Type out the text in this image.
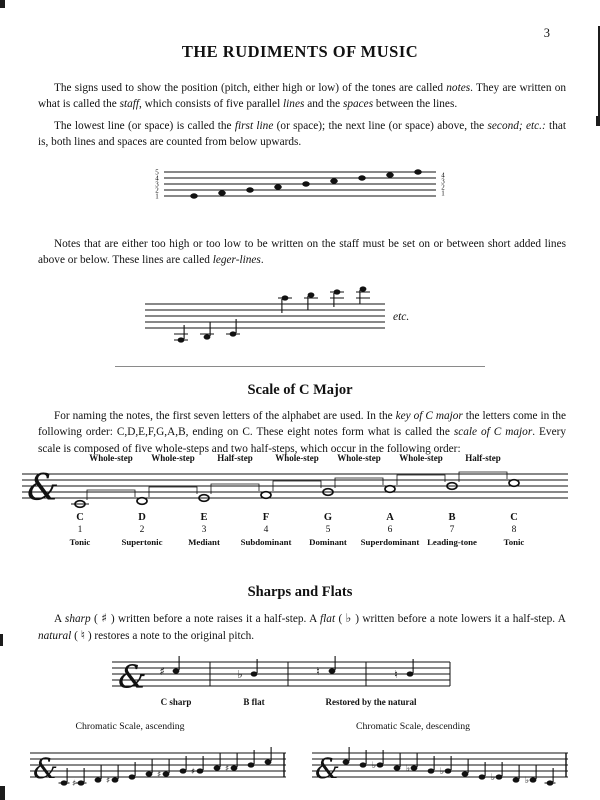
3
THE RUDIMENTS OF MUSIC
The signs used to show the position (pitch, either high or low) of the tones are called notes. They are written on what is called the staff, which consists of five parallel lines and the spaces between the lines.
The lowest line (or space) is called the first line (or space); the next line (or space) above, the second; etc.: that is, both lines and spaces are counted from below upwards.
5
4
3
2
1
4
3
2
1
Notes that are either too high or too low to be written on the staff must be set on or between short added lines above or below. These lines are called leger-lines.
etc.
Scale of C Major
For naming the notes, the first seven letters of the alphabet are used. In the key of C major the letters come in the following order: C,D,E,F,G,A,B, ending on C. These eight notes form what is called the scale of C major. Every scale is composed of five whole-steps and two half-steps, which occur in the following order:
Whole-step Whole-step	Half-step	Whole-step Whole-step Whole-step	Half-step
&
C	D	E	F	G	A	B	C
1	2	3	4	5	6	7	8
Tonic	Supertonic	Mediant Subdominant Dominant Superdominant Leading-tone	Tonic
Sharps and Flats
A sharp ( ♯ ) written before a note raises it a half-step. A flat ( ♭ ) written before a note lowers it a half-step. A natural ( ♮ ) restores a note to the original pitch.
& ♯	♭	♮	♮
C sharp	B flat	Restored by the natural
Chromatic Scale, ascending	Chromatic Scale, descending
& ♯	♯
♯	♯	♯	&	♭	♭	♭
♭	♭
